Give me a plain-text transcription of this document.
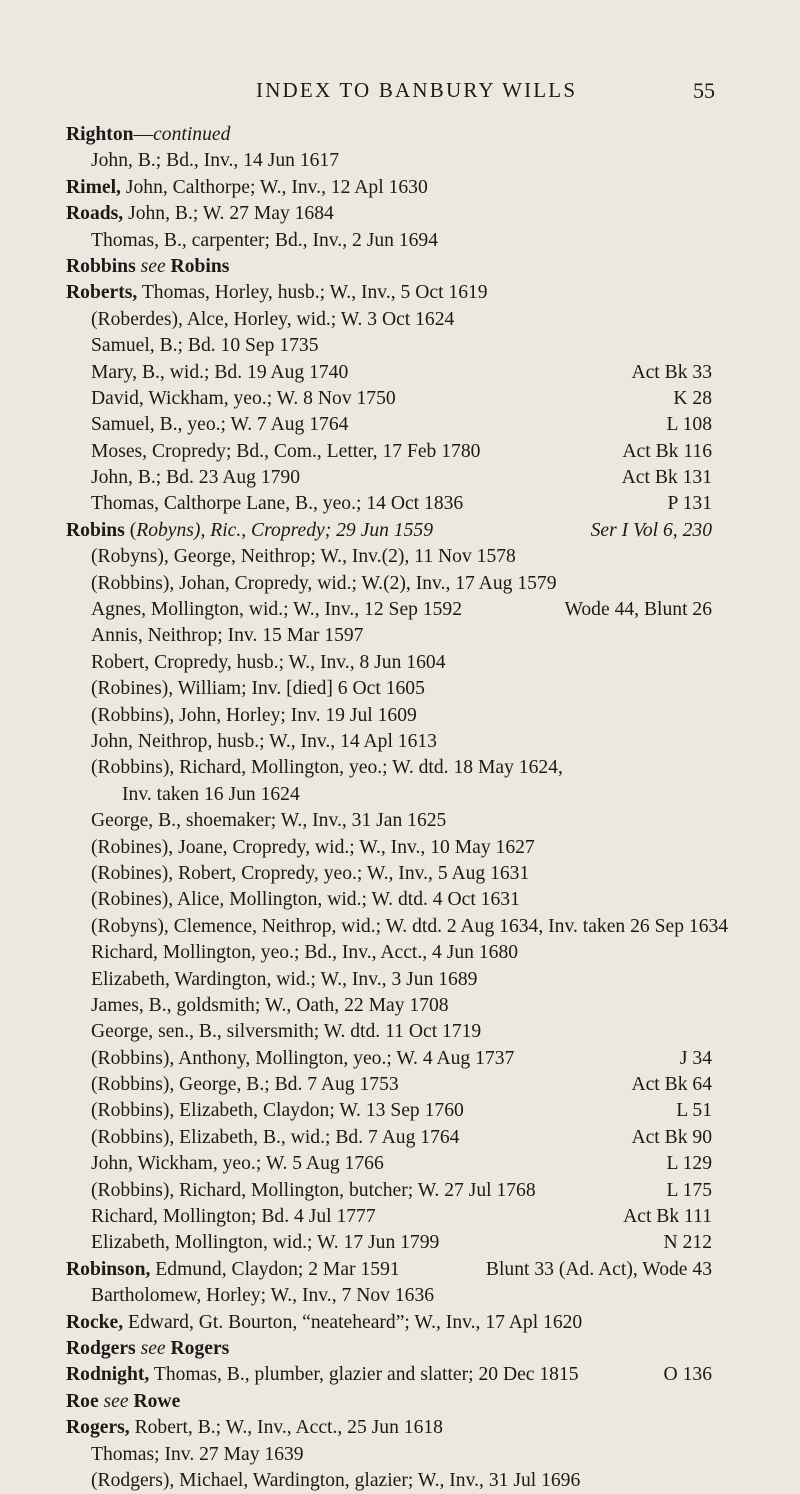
INDEX TO BANBURY WILLS	55
Righton—continued
John, B.; Bd., Inv., 14 Jun 1617
Rimel, John, Calthorpe; W., Inv., 12 Apl 1630
Roads, John, B.; W. 27 May 1684
Thomas, B., carpenter; Bd., Inv., 2 Jun 1694
Robbins see Robins
Roberts, Thomas, Horley, husb.; W., Inv., 5 Oct 1619
(Roberdes), Alce, Horley, wid.; W. 3 Oct 1624
Samuel, B.; Bd. 10 Sep 1735
Mary, B., wid.; Bd. 19 Aug 1740	Act Bk 33
David, Wickham, yeo.; W. 8 Nov 1750	K 28
Samuel, B., yeo.; W. 7 Aug 1764	L 108
Moses, Cropredy; Bd., Com., Letter, 17 Feb 1780	Act Bk 116
John, B.; Bd. 23 Aug 1790	Act Bk 131
Thomas, Calthorpe Lane, B., yeo.; 14 Oct 1836	P 131
Robins (Robyns), Ric., Cropredy; 29 Jun 1559	Ser I Vol 6, 230
(Robyns), George, Neithrop; W., Inv.(2), 11 Nov 1578
(Robbins), Johan, Cropredy, wid.; W.(2), Inv., 17 Aug 1579
Agnes, Mollington, wid.; W., Inv., 12 Sep 1592	Wode 44, Blunt 26
Annis, Neithrop; Inv. 15 Mar 1597
Robert, Cropredy, husb.; W., Inv., 8 Jun 1604
(Robines), William; Inv. [died] 6 Oct 1605
(Robbins), John, Horley; Inv. 19 Jul 1609
John, Neithrop, husb.; W., Inv., 14 Apl 1613
(Robbins), Richard, Mollington, yeo.; W. dtd. 18 May 1624,
Inv. taken 16 Jun 1624
George, B., shoemaker; W., Inv., 31 Jan 1625
(Robines), Joane, Cropredy, wid.; W., Inv., 10 May 1627
(Robines), Robert, Cropredy, yeo.; W., Inv., 5 Aug 1631
(Robines), Alice, Mollington, wid.; W. dtd. 4 Oct 1631
(Robyns), Clemence, Neithrop, wid.; W. dtd. 2 Aug 1634, Inv. taken 26 Sep 1634
Richard, Mollington, yeo.; Bd., Inv., Acct., 4 Jun 1680
Elizabeth, Wardington, wid.; W., Inv., 3 Jun 1689
James, B., goldsmith; W., Oath, 22 May 1708
George, sen., B., silversmith; W. dtd. 11 Oct 1719
(Robbins), Anthony, Mollington, yeo.; W. 4 Aug 1737	J 34
(Robbins), George, B.; Bd. 7 Aug 1753	Act Bk 64
(Robbins), Elizabeth, Claydon; W. 13 Sep 1760	L 51
(Robbins), Elizabeth, B., wid.; Bd. 7 Aug 1764	Act Bk 90
John, Wickham, yeo.; W. 5 Aug 1766	L 129
(Robbins), Richard, Mollington, butcher; W. 27 Jul 1768	L 175
Richard, Mollington; Bd. 4 Jul 1777	Act Bk 111
Elizabeth, Mollington, wid.; W. 17 Jun 1799	N 212
Robinson, Edmund, Claydon; 2 Mar 1591	Blunt 33 (Ad. Act), Wode 43
Bartholomew, Horley; W., Inv., 7 Nov 1636
Rocke, Edward, Gt. Bourton, “neateheard”; W., Inv., 17 Apl 1620
Rodgers see Rogers
Rodnight, Thomas, B., plumber, glazier and slatter; 20 Dec 1815	O 136
Roe see Rowe
Rogers, Robert, B.; W., Inv., Acct., 25 Jun 1618
Thomas; Inv. 27 May 1639
(Rodgers), Michael, Wardington, glazier; W., Inv., 31 Jul 1696
